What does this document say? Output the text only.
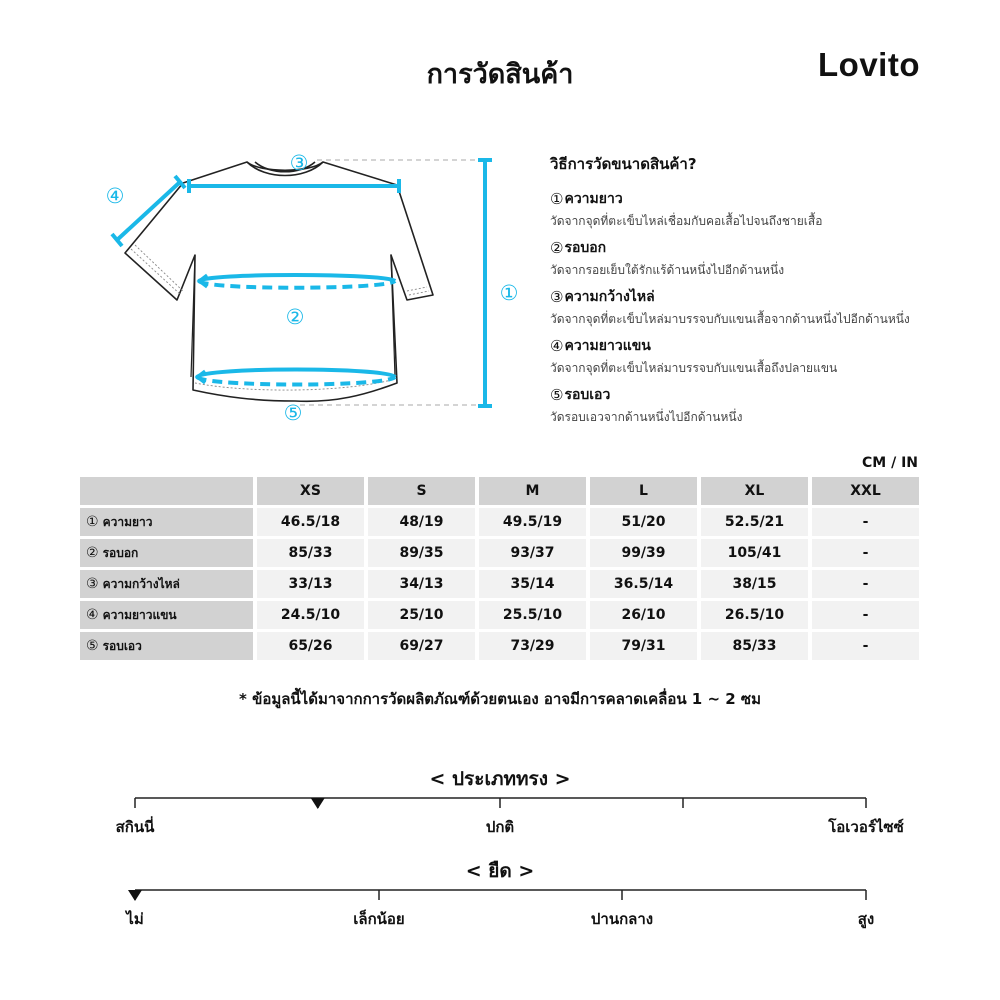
การวัดสินค้า	Lovito
①
②
③
④
⑤
วิธีการวัดขนาดสินค้า?
① ความยาว
วัดจากจุดที่ตะเข็บไหล่เชื่อมกับคอเสื้อไปจนถึงชายเสื้อ
② รอบอก
วัดจากรอยเย็บใต้รักแร้ด้านหนึ่งไปอีกด้านหนึ่ง
③ ความกว้างไหล่
วัดจากจุดที่ตะเข็บไหล่มาบรรจบกับแขนเสื้อจากด้านหนึ่งไปอีกด้านหนึ่ง
④ ความยาวแขน
วัดจากจุดที่ตะเข็บไหล่มาบรรจบกับแขนเสื้อถึงปลายแขน
⑤ รอบเอว
วัดรอบเอวจากด้านหนึ่งไปอีกด้านหนึ่ง
CM / IN
	XS	S	M	L	XL	XXL
① ความยาว	46.5/18	48/19	49.5/19	51/20	52.5/21	-
② รอบอก	85/33	89/35	93/37	99/39	105/41	-
③ ความกว้างไหล่	33/13	34/13	35/14	36.5/14	38/15	-
④ ความยาวแขน	24.5/10	25/10	25.5/10	26/10	26.5/10	-
⑤ รอบเอว	65/26	69/27	73/29	79/31	85/33	-
* ข้อมูลนี้ได้มาจากการวัดผลิตภัณฑ์ด้วยตนเอง อาจมีการคลาดเคลื่อน 1 ~ 2 ซม
< ประเภททรง >
สกินนี่	ปกติ	โอเวอร์ไซซ์
< ยืด >
ไม่	เล็กน้อย	ปานกลาง	สูง
